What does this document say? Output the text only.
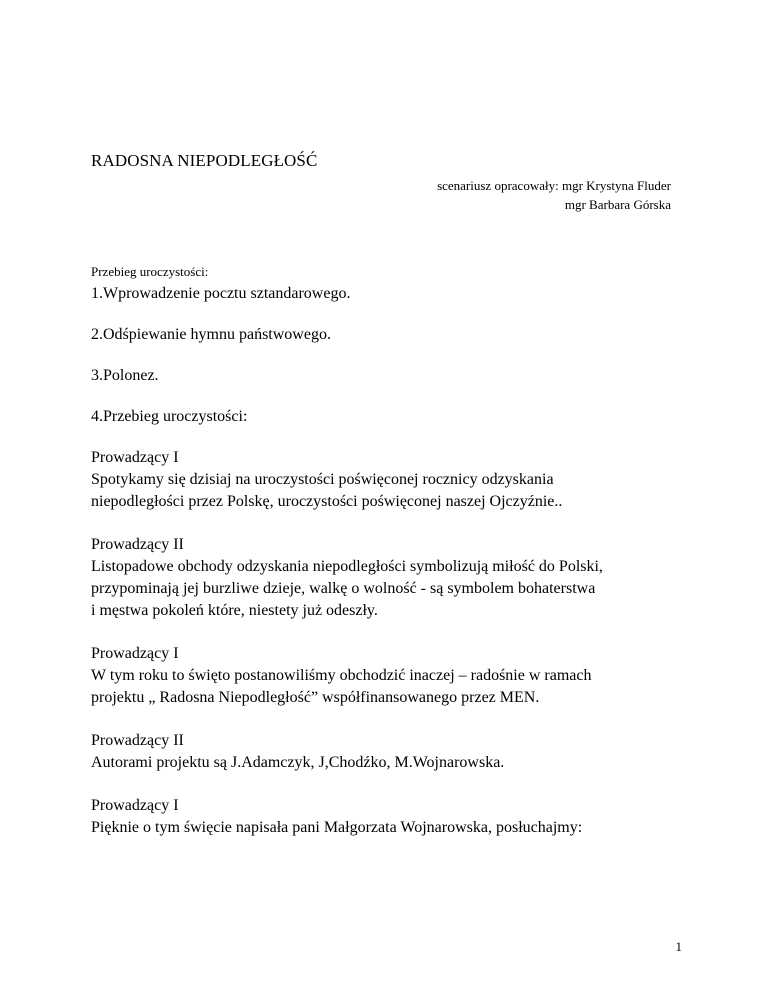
RADOSNA NIEPODLEGŁOŚĆ
scenariusz opracowały: mgr Krystyna Fluder
mgr Barbara Górska
Przebieg uroczystości:
1.Wprowadzenie pocztu sztandarowego.
2.Odśpiewanie hymnu państwowego.
3.Polonez.
4.Przebieg uroczystości:
Prowadzący I
Spotykamy się dzisiaj na uroczystości poświęconej rocznicy odzyskania
niepodległości przez Polskę, uroczystości poświęconej naszej Ojczyźnie..
Prowadzący II
Listopadowe obchody odzyskania niepodległości symbolizują miłość do Polski,
przypominają jej burzliwe dzieje, walkę o wolność - są symbolem bohaterstwa
i męstwa pokoleń które, niestety już odeszły.
Prowadzący I
W tym roku to święto postanowiliśmy obchodzić inaczej – radośnie w ramach
projektu „ Radosna Niepodległość” współfinansowanego przez MEN.
Prowadzący II
Autorami projektu są J.Adamczyk, J,Chodźko, M.Wojnarowska.
Prowadzący I
Pięknie o tym święcie napisała pani Małgorzata Wojnarowska, posłuchajmy:
1
